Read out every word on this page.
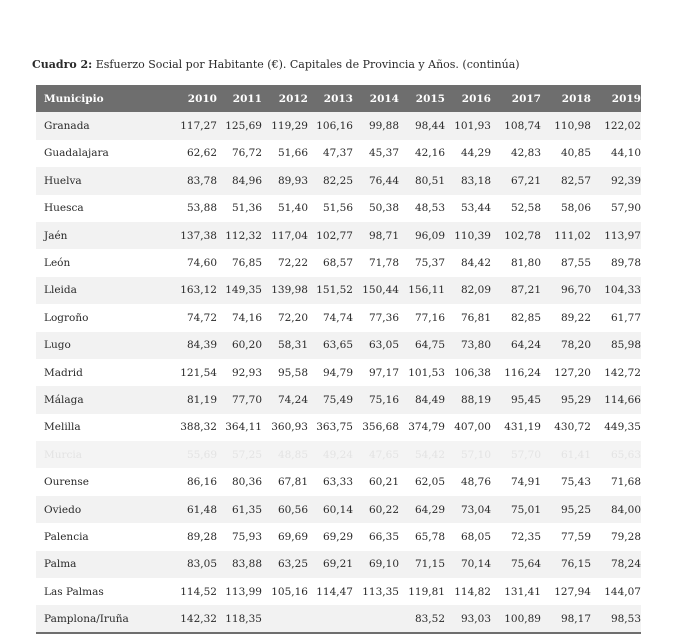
Cuadro 2: Esfuerzo Social por Habitante (€). Capitales de Provincia y Años. (continúa)
Municipio	2010	2011	2012	2013	2014	2015	2016	2017	2018	2019
Granada	117,27	125,69	119,29	106,16	99,88	98,44	101,93	108,74	110,98	122,02
Guadalajara	62,62	76,72	51,66	47,37	45,37	42,16	44,29	42,83	40,85	44,10
Huelva	83,78	84,96	89,93	82,25	76,44	80,51	83,18	67,21	82,57	92,39
Huesca	53,88	51,36	51,40	51,56	50,38	48,53	53,44	52,58	58,06	57,90
Jaén	137,38	112,32	117,04	102,77	98,71	96,09	110,39	102,78	111,02	113,97
León	74,60	76,85	72,22	68,57	71,78	75,37	84,42	81,80	87,55	89,78
Lleida	163,12	149,35	139,98	151,52	150,44	156,11	82,09	87,21	96,70	104,33
Logroño	74,72	74,16	72,20	74,74	77,36	77,16	76,81	82,85	89,22	61,77
Lugo	84,39	60,20	58,31	63,65	63,05	64,75	73,80	64,24	78,20	85,98
Madrid	121,54	92,93	95,58	94,79	97,17	101,53	106,38	116,24	127,20	142,72
Málaga	81,19	77,70	74,24	75,49	75,16	84,49	88,19	95,45	95,29	114,66
Melilla	388,32	364,11	360,93	363,75	356,68	374,79	407,00	431,19	430,72	449,35
Murcia	55,69	57,25	48,85	49,24	47,65	54,42	57,10	57,70	61,41	65,63
Ourense	86,16	80,36	67,81	63,33	60,21	62,05	48,76	74,91	75,43	71,68
Oviedo	61,48	61,35	60,56	60,14	60,22	64,29	73,04	75,01	95,25	84,00
Palencia	89,28	75,93	69,69	69,29	66,35	65,78	68,05	72,35	77,59	79,28
Palma	83,05	83,88	63,25	69,21	69,10	71,15	70,14	75,64	76,15	78,24
Las Palmas	114,52	113,99	105,16	114,47	113,35	119,81	114,82	131,41	127,94	144,07
Pamplona/Iruña	142,32	118,35				83,52	93,03	100,89	98,17	98,53
